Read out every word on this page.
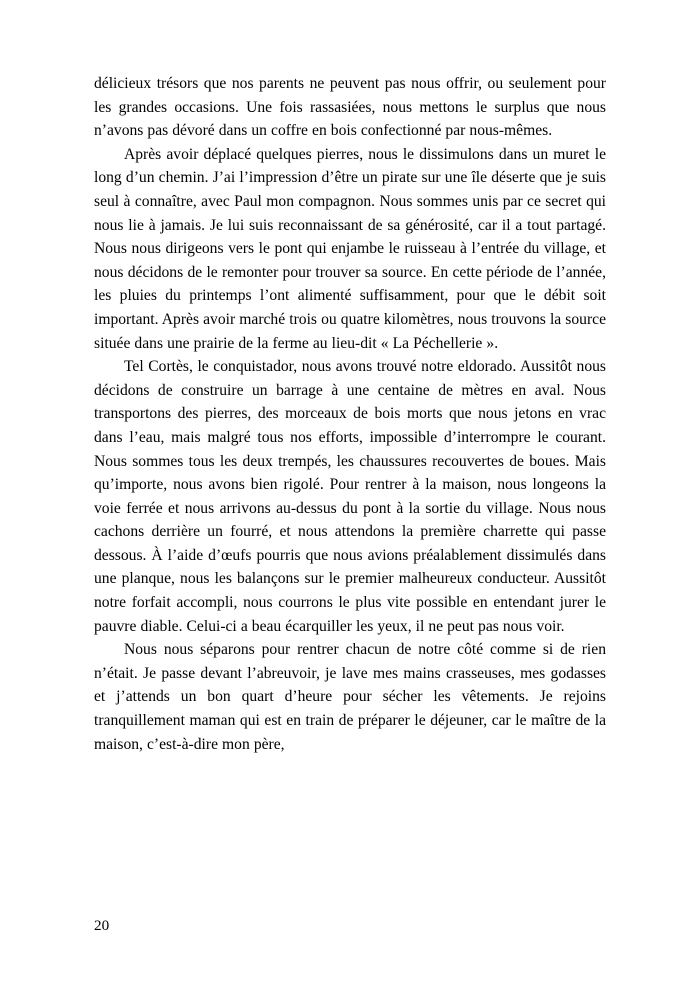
délicieux trésors que nos parents ne peuvent pas nous offrir, ou seulement pour les grandes occasions. Une fois rassasiées, nous mettons le surplus que nous n’avons pas dévoré dans un coffre en bois confectionné par nous-mêmes.

Après avoir déplacé quelques pierres, nous le dissimulons dans un muret le long d’un chemin. J’ai l’impression d’être un pirate sur une île déserte que je suis seul à connaître, avec Paul mon compagnon. Nous sommes unis par ce secret qui nous lie à jamais. Je lui suis reconnaissant de sa générosité, car il a tout partagé. Nous nous dirigeons vers le pont qui enjambe le ruisseau à l’entrée du village, et nous décidons de le remonter pour trouver sa source. En cette période de l’année, les pluies du printemps l’ont alimenté suffisamment, pour que le débit soit important. Après avoir marché trois ou quatre kilomètres, nous trouvons la source située dans une prairie de la ferme au lieu-dit « La Péchellerie ».

Tel Cortès, le conquistador, nous avons trouvé notre eldorado. Aussitôt nous décidons de construire un barrage à une centaine de mètres en aval. Nous transportons des pierres, des morceaux de bois morts que nous jetons en vrac dans l’eau, mais malgré tous nos efforts, impossible d’interrompre le courant. Nous sommes tous les deux trempés, les chaussures recouvertes de boues. Mais qu’importe, nous avons bien rigolé. Pour rentrer à la maison, nous longeons la voie ferrée et nous arrivons au-dessus du pont à la sortie du village. Nous nous cachons derrière un fourré, et nous attendons la première charrette qui passe dessous. À l’aide d’œufs pourris que nous avions préalablement dissimulés dans une planque, nous les balançons sur le premier malheureux conducteur. Aussitôt notre forfait accompli, nous courrons le plus vite possible en entendant jurer le pauvre diable. Celui-ci a beau écarquiller les yeux, il ne peut pas nous voir.

Nous nous séparons pour rentrer chacun de notre côté comme si de rien n’était. Je passe devant l’abreuvoir, je lave mes mains crasseuses, mes godasses et j’attends un bon quart d’heure pour sécher les vêtements. Je rejoins tranquillement maman qui est en train de préparer le déjeuner, car le maître de la maison, c’est-à-dire mon père,

20
